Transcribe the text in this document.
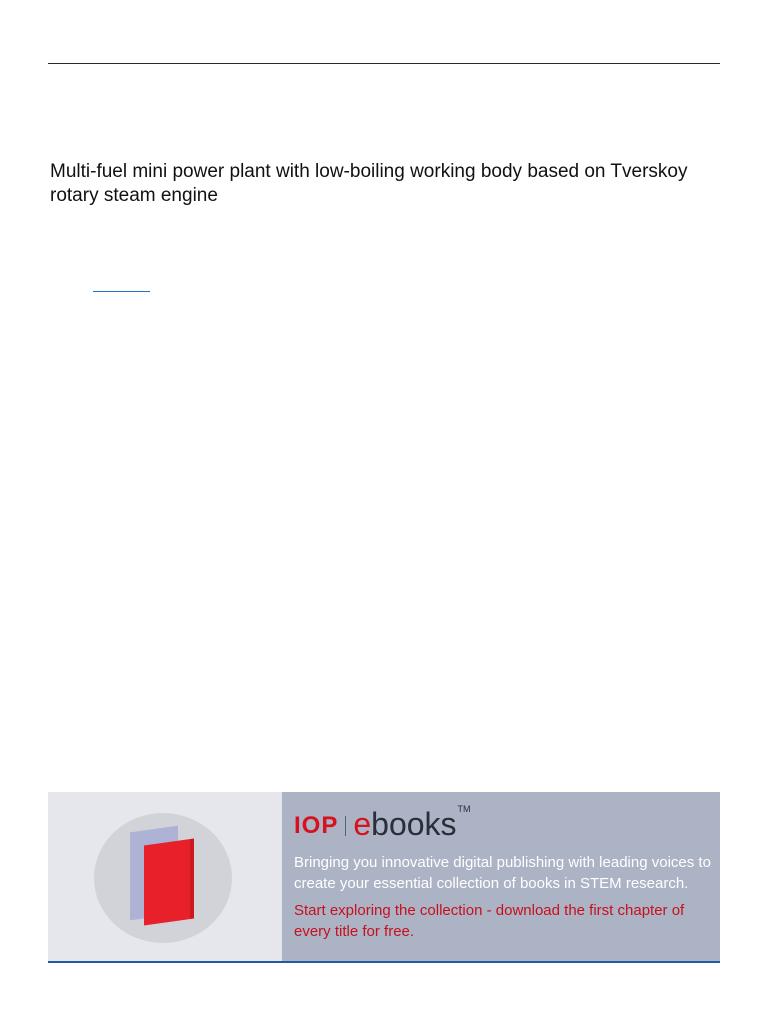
Multi-fuel mini power plant with low-boiling working body based on Tverskoy rotary steam engine
IOP e books TM

Bringing you innovative digital publishing with leading voices to create your essential collection of books in STEM research.

Start exploring the collection - download the first chapter of every title for free.
